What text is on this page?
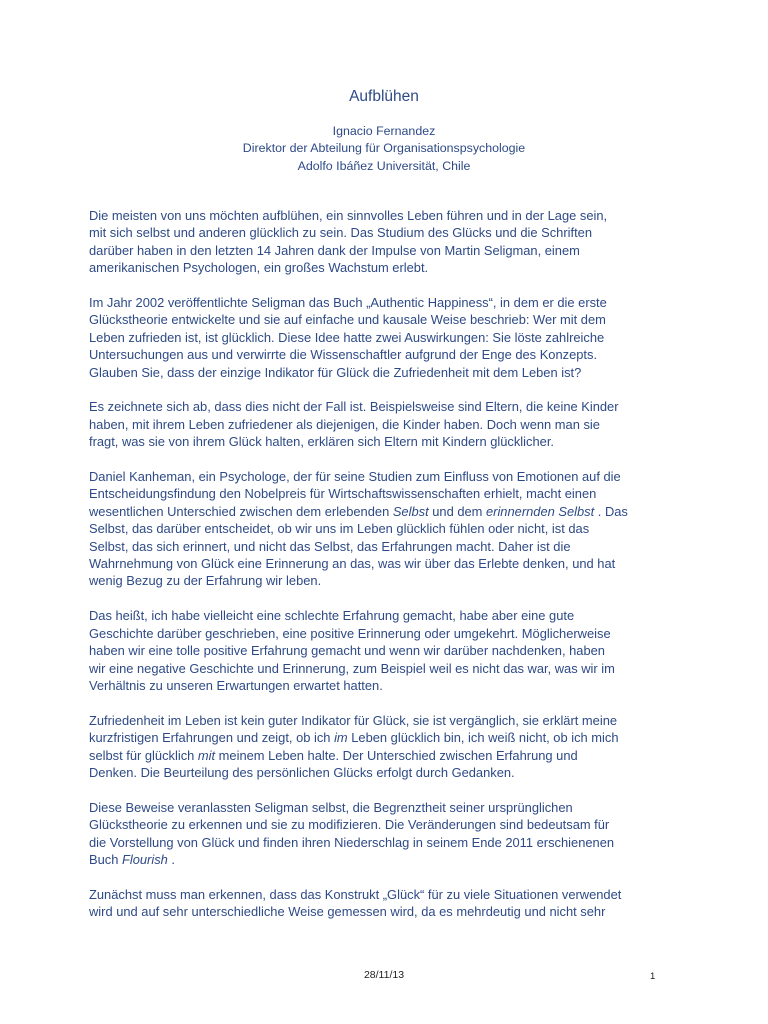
Aufblühen
Ignacio Fernandez
Direktor der Abteilung für Organisationspsychologie
Adolfo Ibáñez Universität, Chile
Die meisten von uns möchten aufblühen, ein sinnvolles Leben führen und in der Lage sein,
mit sich selbst und anderen glücklich zu sein. Das Studium des Glücks und die Schriften
darüber haben in den letzten 14 Jahren dank der Impulse von Martin Seligman, einem
amerikanischen Psychologen, ein großes Wachstum erlebt.
Im Jahr 2002 veröffentlichte Seligman das Buch „Authentic Happiness“, in dem er die erste
Glückstheorie entwickelte und sie auf einfache und kausale Weise beschrieb: Wer mit dem
Leben zufrieden ist, ist glücklich. Diese Idee hatte zwei Auswirkungen: Sie löste zahlreiche
Untersuchungen aus und verwirrte die Wissenschaftler aufgrund der Enge des Konzepts.
Glauben Sie, dass der einzige Indikator für Glück die Zufriedenheit mit dem Leben ist?
Es zeichnete sich ab, dass dies nicht der Fall ist. Beispielsweise sind Eltern, die keine Kinder
haben, mit ihrem Leben zufriedener als diejenigen, die Kinder haben. Doch wenn man sie
fragt, was sie von ihrem Glück halten, erklären sich Eltern mit Kindern glücklicher.
Daniel Kanheman, ein Psychologe, der für seine Studien zum Einfluss von Emotionen auf die
Entscheidungsfindung den Nobelpreis für Wirtschaftswissenschaften erhielt, macht einen
wesentlichen Unterschied zwischen dem erlebenden Selbst und dem erinnernden Selbst . Das
Selbst, das darüber entscheidet, ob wir uns im Leben glücklich fühlen oder nicht, ist das
Selbst, das sich erinnert, und nicht das Selbst, das Erfahrungen macht. Daher ist die
Wahrnehmung von Glück eine Erinnerung an das, was wir über das Erlebte denken, und hat
wenig Bezug zu der Erfahrung wir leben.
Das heißt, ich habe vielleicht eine schlechte Erfahrung gemacht, habe aber eine gute
Geschichte darüber geschrieben, eine positive Erinnerung oder umgekehrt. Möglicherweise
haben wir eine tolle positive Erfahrung gemacht und wenn wir darüber nachdenken, haben
wir eine negative Geschichte und Erinnerung, zum Beispiel weil es nicht das war, was wir im
Verhältnis zu unseren Erwartungen erwartet hatten.
Zufriedenheit im Leben ist kein guter Indikator für Glück, sie ist vergänglich, sie erklärt meine
kurzfristigen Erfahrungen und zeigt, ob ich im Leben glücklich bin, ich weiß nicht, ob ich mich
selbst für glücklich mit meinem Leben halte. Der Unterschied zwischen Erfahrung und
Denken. Die Beurteilung des persönlichen Glücks erfolgt durch Gedanken.
Diese Beweise veranlassten Seligman selbst, die Begrenztheit seiner ursprünglichen
Glückstheorie zu erkennen und sie zu modifizieren. Die Veränderungen sind bedeutsam für
die Vorstellung von Glück und finden ihren Niederschlag in seinem Ende 2011 erschienenen
Buch Flourish .
Zunächst muss man erkennen, dass das Konstrukt „Glück“ für zu viele Situationen verwendet
wird und auf sehr unterschiedliche Weise gemessen wird, da es mehrdeutig und nicht sehr
28/11/13	1
